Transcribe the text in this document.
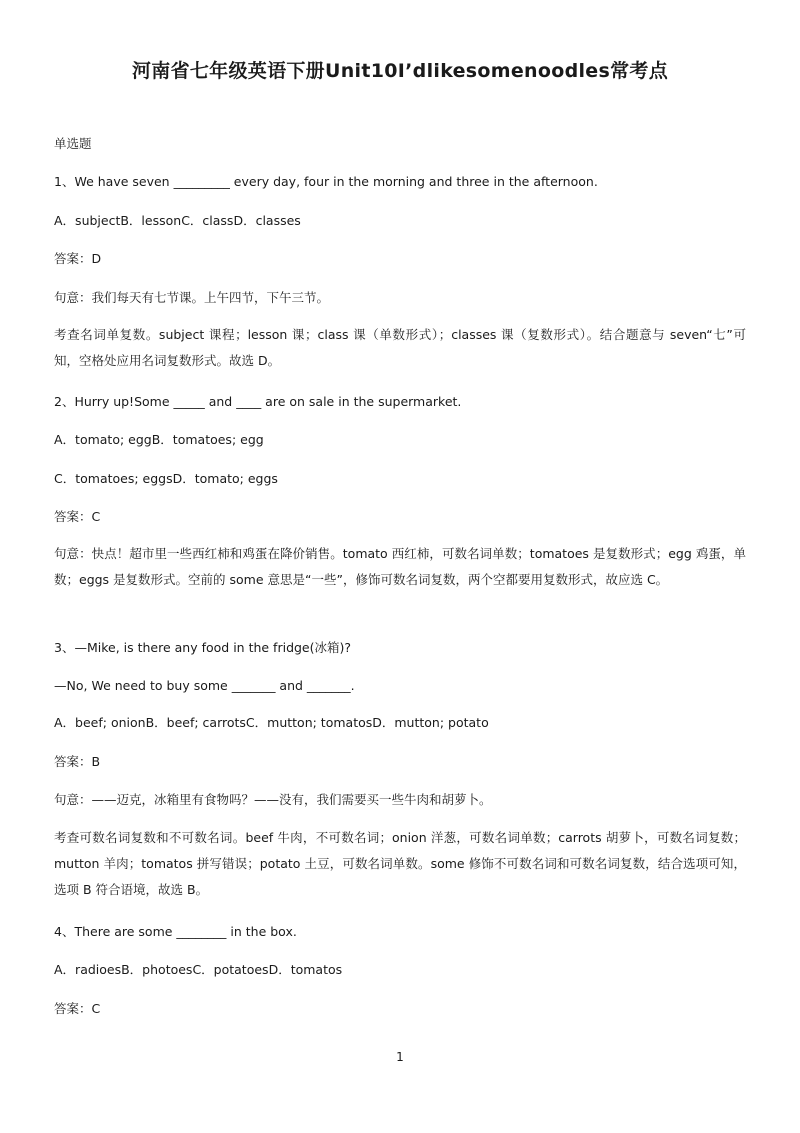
河南省七年级英语下册Unit10I’dlikesomenoodles常考点
单选题
1、We have seven _________ every day, four in the morning and three in the afternoon.
A．subjectB．lessonC．classD．classes
答案：D
句意：我们每天有七节课。上午四节，下午三节。
考查名词单复数。subject 课程；lesson 课；class 课（单数形式）；classes 课（复数形式）。结合题意与 seven“七”可知，空格处应用名词复数形式。故选 D。
2、Hurry up!Some _____ and ____ are on sale in the supermarket.
A．tomato; eggB．tomatoes; egg
C．tomatoes; eggsD．tomato; eggs
答案：C
句意：快点！超市里一些西红柿和鸡蛋在降价销售。tomato 西红柿，可数名词单数；tomatoes 是复数形式；egg 鸡蛋，单数；eggs 是复数形式。空前的 some 意思是“一些”，修饰可数名词复数，两个空都要用复数形式，故应选 C。
3、—Mike, is there any food in the fridge(冰箱)?
—No, We need to buy some _______ and _______.
A．beef; onionB．beef; carrotsC．mutton; tomatosD．mutton; potato
答案：B
句意：——迈克，冰箱里有食物吗？——没有，我们需要买一些牛肉和胡萝卜。
考查可数名词复数和不可数名词。beef 牛肉，不可数名词；onion 洋葱，可数名词单数；carrots 胡萝卜，可数名词复数；mutton 羊肉；tomatos 拼写错误；potato 土豆，可数名词单数。some 修饰不可数名词和可数名词复数，结合选项可知，选项 B 符合语境，故选 B。
4、There are some ________ in the box.
A．radioesB．photoesC．potatoesD．tomatos
答案：C
1
